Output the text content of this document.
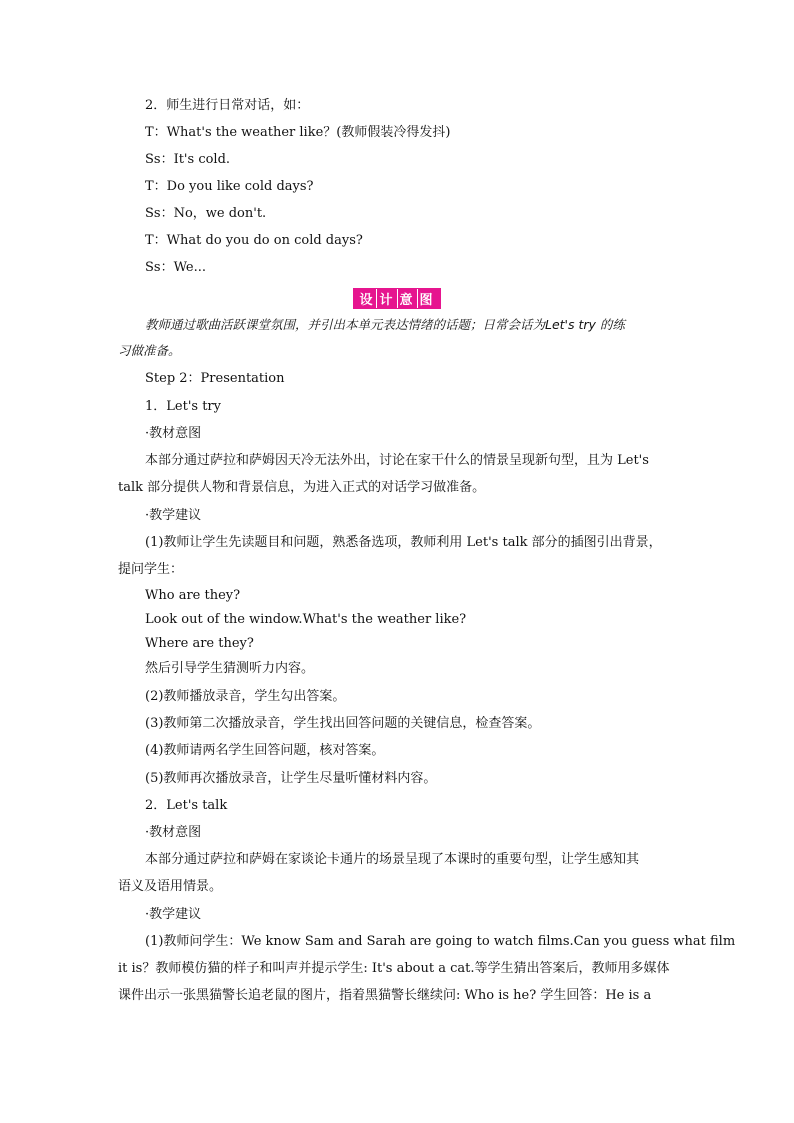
2．师生进行日常对话，如：
T：What's the weather like？(教师假装冷得发抖)
Ss：It's cold.
T：Do you like cold days?
Ss：No，we don't.
T：What do you do on cold days?
Ss：We...
设 计 意 图
教师通过歌曲活跃课堂氛围，并引出本单元表达情绪的话题；日常会话为Let's try 的练
习做准备。
Step 2：Presentation
1．Let's try
·教材意图
本部分通过萨拉和萨姆因天冷无法外出，讨论在家干什么的情景呈现新句型，且为 Let's
talk 部分提供人物和背景信息，为进入正式的对话学习做准备。
·教学建议
(1)教师让学生先读题目和问题，熟悉备选项，教师利用 Let's talk 部分的插图引出背景，
提问学生：
Who are they?
Look out of the window.What's the weather like?
Where are they?
然后引导学生猜测听力内容。
(2)教师播放录音，学生勾出答案。
(3)教师第二次播放录音，学生找出回答问题的关键信息，检查答案。
(4)教师请两名学生回答问题，核对答案。
(5)教师再次播放录音，让学生尽量听懂材料内容。
2．Let's talk
·教材意图
本部分通过萨拉和萨姆在家谈论卡通片的场景呈现了本课时的重要句型，让学生感知其
语义及语用情景。
·教学建议
(1)教师问学生：We know Sam and Sarah are going to watch films.Can you guess what film
it is？教师模仿猫的样子和叫声并提示学生: It's about a cat.等学生猜出答案后，教师用多媒体
课件出示一张黑猫警长追老鼠的图片，指着黑猫警长继续问: Who is he? 学生回答：He is a
